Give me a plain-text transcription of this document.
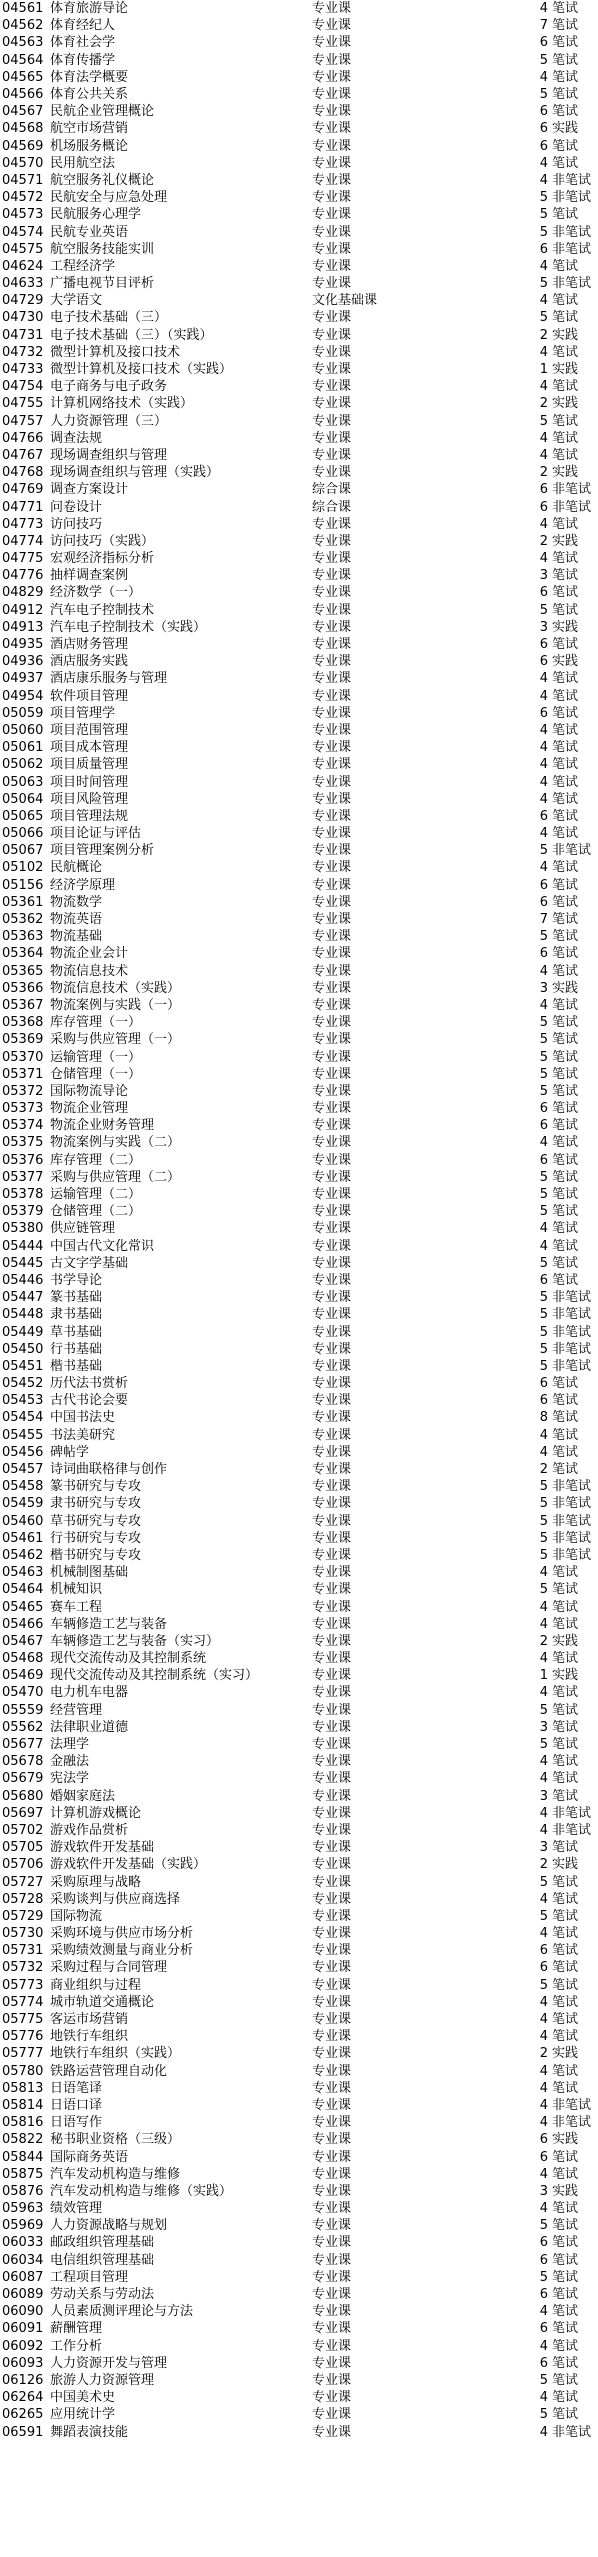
04561	体育旅游导论	专业课	4	笔试
04562	体育经纪人	专业课	7	笔试
04563	体育社会学	专业课	6	笔试
04564	体育传播学	专业课	5	笔试
04565	体育法学概要	专业课	4	笔试
04566	体育公共关系	专业课	5	笔试
04567	民航企业管理概论	专业课	6	笔试
04568	航空市场营销	专业课	6	实践
04569	机场服务概论	专业课	6	笔试
04570	民用航空法	专业课	4	笔试
04571	航空服务礼仪概论	专业课	4	非笔试
04572	民航安全与应急处理	专业课	5	非笔试
04573	民航服务心理学	专业课	5	笔试
04574	民航专业英语	专业课	5	非笔试
04575	航空服务技能实训	专业课	6	非笔试
04624	工程经济学	专业课	4	笔试
04633	广播电视节目评析	专业课	5	非笔试
04729	大学语文	文化基础课	4	笔试
04730	电子技术基础（三）	专业课	5	笔试
04731	电子技术基础（三）（实践）	专业课	2	实践
04732	微型计算机及接口技术	专业课	4	笔试
04733	微型计算机及接口技术（实践）	专业课	1	实践
04754	电子商务与电子政务	专业课	4	笔试
04755	计算机网络技术（实践）	专业课	2	实践
04757	人力资源管理（三）	专业课	5	笔试
04766	调查法规	专业课	4	笔试
04767	现场调查组织与管理	专业课	4	笔试
04768	现场调查组织与管理（实践）	专业课	2	实践
04769	调查方案设计	综合课	6	非笔试
04771	问卷设计	综合课	6	非笔试
04773	访问技巧	专业课	4	笔试
04774	访问技巧（实践）	专业课	2	实践
04775	宏观经济指标分析	专业课	4	笔试
04776	抽样调查案例	专业课	3	笔试
04829	经济数学（一）	专业课	6	笔试
04912	汽车电子控制技术	专业课	5	笔试
04913	汽车电子控制技术（实践）	专业课	3	实践
04935	酒店财务管理	专业课	6	笔试
04936	酒店服务实践	专业课	6	实践
04937	酒店康乐服务与管理	专业课	4	笔试
04954	软件项目管理	专业课	4	笔试
05059	项目管理学	专业课	6	笔试
05060	项目范围管理	专业课	4	笔试
05061	项目成本管理	专业课	4	笔试
05062	项目质量管理	专业课	4	笔试
05063	项目时间管理	专业课	4	笔试
05064	项目风险管理	专业课	4	笔试
05065	项目管理法规	专业课	6	笔试
05066	项目论证与评估	专业课	4	笔试
05067	项目管理案例分析	专业课	5	非笔试
05102	民航概论	专业课	4	笔试
05156	经济学原理	专业课	6	笔试
05361	物流数学	专业课	6	笔试
05362	物流英语	专业课	7	笔试
05363	物流基础	专业课	5	笔试
05364	物流企业会计	专业课	6	笔试
05365	物流信息技术	专业课	4	笔试
05366	物流信息技术（实践）	专业课	3	实践
05367	物流案例与实践（一）	专业课	4	笔试
05368	库存管理（一）	专业课	5	笔试
05369	采购与供应管理（一）	专业课	5	笔试
05370	运输管理（一）	专业课	5	笔试
05371	仓储管理（一）	专业课	5	笔试
05372	国际物流导论	专业课	5	笔试
05373	物流企业管理	专业课	6	笔试
05374	物流企业财务管理	专业课	6	笔试
05375	物流案例与实践（二）	专业课	4	笔试
05376	库存管理（二）	专业课	6	笔试
05377	采购与供应管理（二）	专业课	5	笔试
05378	运输管理（二）	专业课	5	笔试
05379	仓储管理（二）	专业课	5	笔试
05380	供应链管理	专业课	4	笔试
05444	中国古代文化常识	专业课	4	笔试
05445	古文字学基础	专业课	5	笔试
05446	书学导论	专业课	6	笔试
05447	篆书基础	专业课	5	非笔试
05448	隶书基础	专业课	5	非笔试
05449	草书基础	专业课	5	非笔试
05450	行书基础	专业课	5	非笔试
05451	楷书基础	专业课	5	非笔试
05452	历代法书赏析	专业课	6	笔试
05453	古代书论会要	专业课	6	笔试
05454	中国书法史	专业课	8	笔试
05455	书法美研究	专业课	4	笔试
05456	碑帖学	专业课	4	笔试
05457	诗词曲联格律与创作	专业课	2	笔试
05458	篆书研究与专攻	专业课	5	非笔试
05459	隶书研究与专攻	专业课	5	非笔试
05460	草书研究与专攻	专业课	5	非笔试
05461	行书研究与专攻	专业课	5	非笔试
05462	楷书研究与专攻	专业课	5	非笔试
05463	机械制图基础	专业课	4	笔试
05464	机械知识	专业课	5	笔试
05465	赛车工程	专业课	4	笔试
05466	车辆修造工艺与装备	专业课	4	笔试
05467	车辆修造工艺与装备（实习）	专业课	2	实践
05468	现代交流传动及其控制系统	专业课	4	笔试
05469	现代交流传动及其控制系统（实习）	专业课	1	实践
05470	电力机车电器	专业课	4	笔试
05559	经营管理	专业课	5	笔试
05562	法律职业道德	专业课	3	笔试
05677	法理学	专业课	5	笔试
05678	金融法	专业课	4	笔试
05679	宪法学	专业课	4	笔试
05680	婚姻家庭法	专业课	3	笔试
05697	计算机游戏概论	专业课	4	非笔试
05702	游戏作品赏析	专业课	4	非笔试
05705	游戏软件开发基础	专业课	3	笔试
05706	游戏软件开发基础（实践）	专业课	2	实践
05727	采购原理与战略	专业课	5	笔试
05728	采购谈判与供应商选择	专业课	4	笔试
05729	国际物流	专业课	5	笔试
05730	采购环境与供应市场分析	专业课	4	笔试
05731	采购绩效测量与商业分析	专业课	6	笔试
05732	采购过程与合同管理	专业课	6	笔试
05773	商业组织与过程	专业课	5	笔试
05774	城市轨道交通概论	专业课	4	笔试
05775	客运市场营销	专业课	4	笔试
05776	地铁行车组织	专业课	4	笔试
05777	地铁行车组织（实践）	专业课	2	实践
05780	铁路运营管理自动化	专业课	4	笔试
05813	日语笔译	专业课	4	笔试
05814	日语口译	专业课	4	非笔试
05816	日语写作	专业课	4	非笔试
05822	秘书职业资格（三级）	专业课	6	实践
05844	国际商务英语	专业课	6	笔试
05875	汽车发动机构造与维修	专业课	4	笔试
05876	汽车发动机构造与维修（实践）	专业课	3	实践
05963	绩效管理	专业课	4	笔试
05969	人力资源战略与规划	专业课	5	笔试
06033	邮政组织管理基础	专业课	6	笔试
06034	电信组织管理基础	专业课	6	笔试
06087	工程项目管理	专业课	5	笔试
06089	劳动关系与劳动法	专业课	6	笔试
06090	人员素质测评理论与方法	专业课	4	笔试
06091	薪酬管理	专业课	6	笔试
06092	工作分析	专业课	4	笔试
06093	人力资源开发与管理	专业课	6	笔试
06126	旅游人力资源管理	专业课	5	笔试
06264	中国美术史	专业课	4	笔试
06265	应用统计学	专业课	5	笔试
06591	舞蹈表演技能	专业课	4	非笔试
